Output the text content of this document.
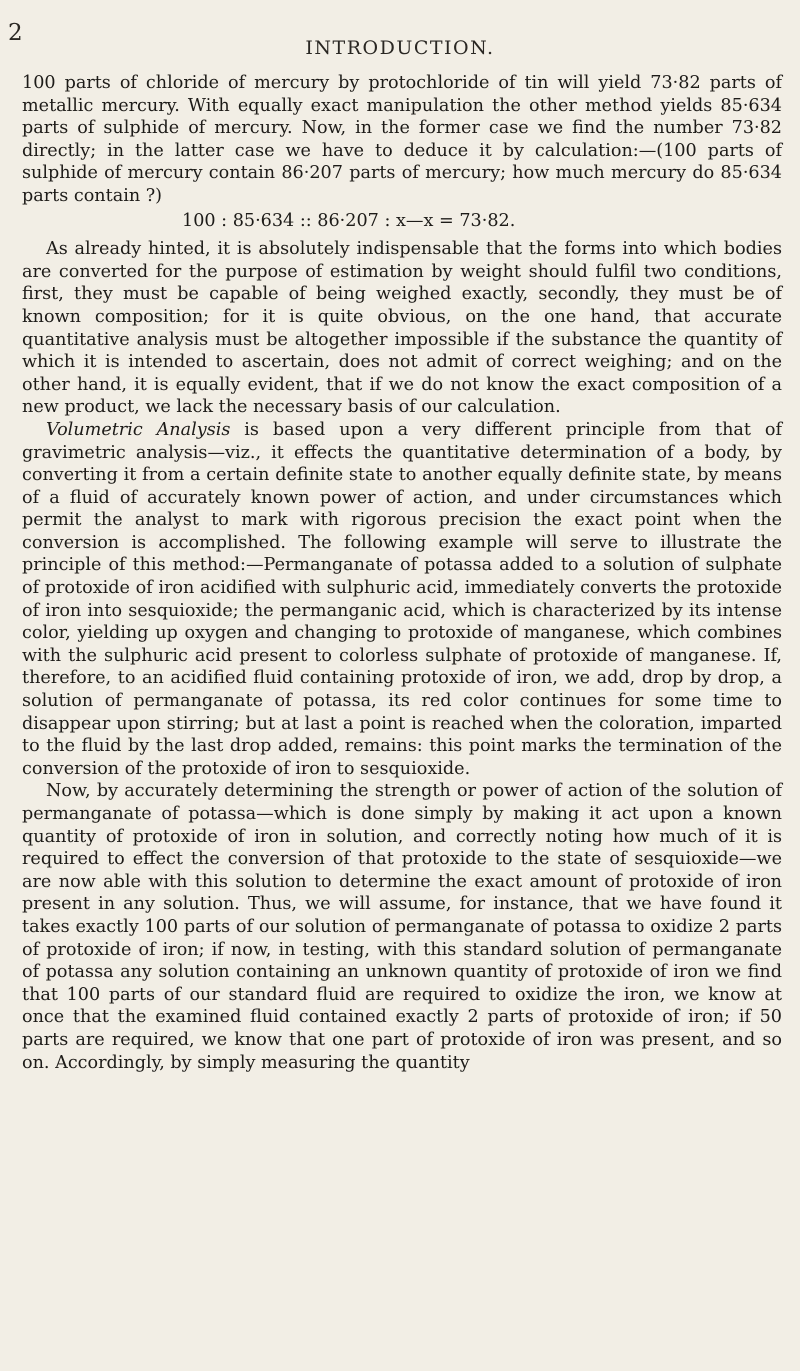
2
INTRODUCTION.

100 parts of chloride of mercury by protochloride of tin will yield 73·82 parts of metallic mercury. With equally exact manipulation the other method yields 85·634 parts of sulphide of mercury. Now, in the former case we find the number 73·82 directly; in the latter case we have to deduce it by calculation:—(100 parts of sulphide of mercury contain 86·207 parts of mercury; how much mercury do 85·634 parts contain ?)

100 : 85·634 :: 86·207 : x—x = 73·82.

As already hinted, it is absolutely indispensable that the forms into which bodies are converted for the purpose of estimation by weight should fulfil two conditions, first, they must be capable of being weighed exactly, secondly, they must be of known composition; for it is quite obvious, on the one hand, that accurate quantitative analysis must be altogether impossible if the substance the quantity of which it is intended to ascertain, does not admit of correct weighing; and on the other hand, it is equally evident, that if we do not know the exact composition of a new product, we lack the necessary basis of our calculation.

Volumetric Analysis is based upon a very different principle from that of gravimetric analysis—viz., it effects the quantitative determination of a body, by converting it from a certain definite state to another equally definite state, by means of a fluid of accurately known power of action, and under circumstances which permit the analyst to mark with rigorous precision the exact point when the conversion is accomplished. The following example will serve to illustrate the principle of this method:—Permanganate of potassa added to a solution of sulphate of protoxide of iron acidified with sulphuric acid, immediately converts the protoxide of iron into sesquioxide; the permanganic acid, which is characterized by its intense color, yielding up oxygen and changing to protoxide of manganese, which combines with the sulphuric acid present to colorless sulphate of protoxide of manganese. If, therefore, to an acidified fluid containing protoxide of iron, we add, drop by drop, a solution of permanganate of potassa, its red color continues for some time to disappear upon stirring; but at last a point is reached when the coloration, imparted to the fluid by the last drop added, remains: this point marks the termination of the conversion of the protoxide of iron to sesquioxide.

Now, by accurately determining the strength or power of action of the solution of permanganate of potassa—which is done simply by making it act upon a known quantity of protoxide of iron in solution, and correctly noting how much of it is required to effect the conversion of that protoxide to the state of sesquioxide—we are now able with this solution to determine the exact amount of protoxide of iron present in any solution. Thus, we will assume, for instance, that we have found it takes exactly 100 parts of our solution of permanganate of potassa to oxidize 2 parts of protoxide of iron; if now, in testing, with this standard solution of permanganate of potassa any solution containing an unknown quantity of protoxide of iron we find that 100 parts of our standard fluid are required to oxidize the iron, we know at once that the examined fluid contained exactly 2 parts of protoxide of iron; if 50 parts are required, we know that one part of protoxide of iron was present, and so on. Accordingly, by simply measuring the quantity
